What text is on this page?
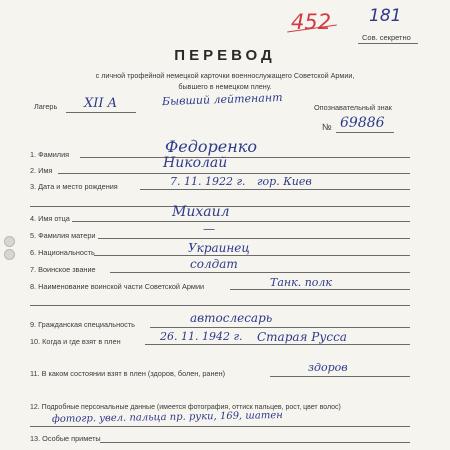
452 181
Сов. секретно
ПЕРЕВОД
с личной трофейной немецкой карточки военнослужащего Советской Армии,
бывшего в немецком плену.
Лагерь XII A	Бывший лейтенант	Опознавательный знак
№ 69886
1. Фамилия	Федоренко
2. Имя	Николай
3. Дата и место рождения	7. 11. 1922 г. гор. Киев
4. Имя отца	Михаил
5. Фамилия матери	—
6. Национальность	Украинец
7. Воинское звание	солдат
8. Наименование воинской части Советской Армии	Танк. полк
9. Гражданская специальность	автослесарь
10. Когда и где взят в плен	26. 11. 1942 г. Старая Русса
11. В каком состоянии взят в плен (здоров, болен, ранен)	здоров
12. Подробные персональные данные (имеется фотография, оттиск пальцев, рост, цвет волос)
фотогр. увел. пальца пр. руки, 169, шатен
13. Особые приметы
